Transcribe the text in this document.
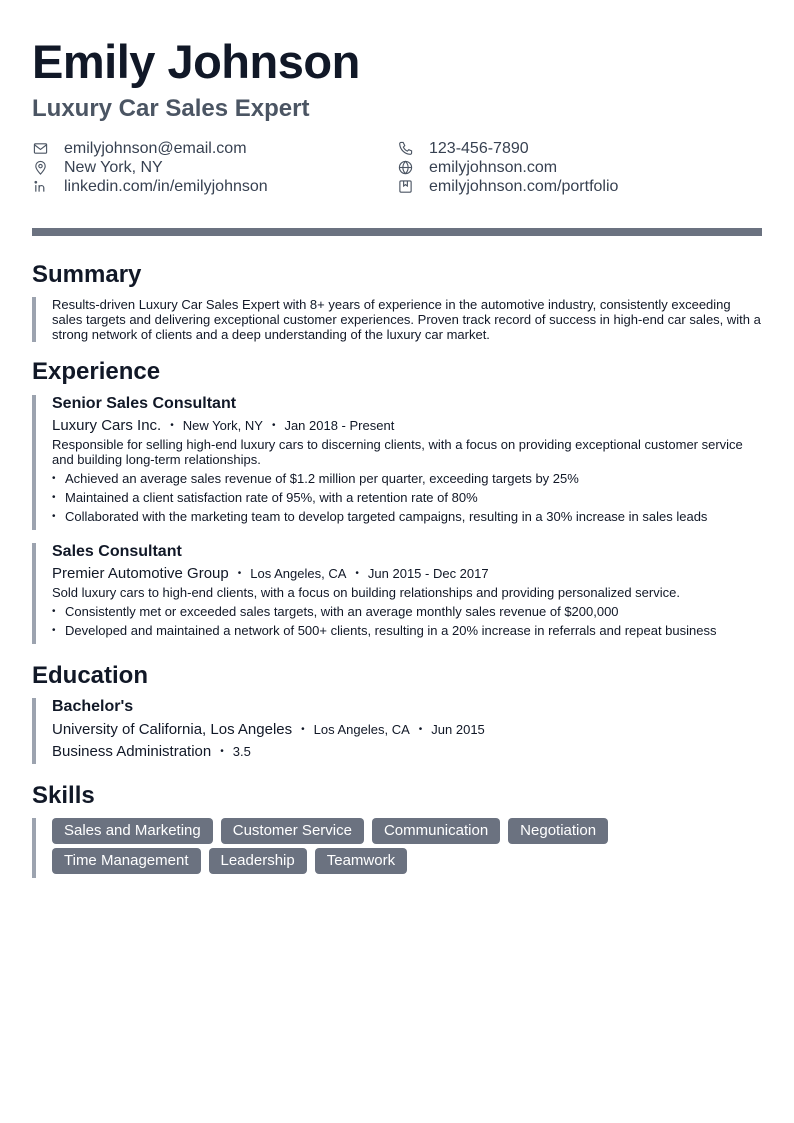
Emily Johnson
Luxury Car Sales Expert
emilyjohnson@email.com
New York, NY
linkedin.com/in/emilyjohnson
123-456-7890
emilyjohnson.com
emilyjohnson.com/portfolio
Summary

Results-driven Luxury Car Sales Expert with 8+ years of experience in the automotive industry, consistently exceeding sales targets and delivering exceptional customer experiences. Proven track record of success in high-end car sales, with a strong network of clients and a deep understanding of the luxury car market.

Experience

Senior Sales Consultant

Luxury Cars Inc. • New York, NY • Jan 2018 - Present

Responsible for selling high-end luxury cars to discerning clients, with a focus on providing exceptional customer service and building long-term relationships.

• Achieved an average sales revenue of $1.2 million per quarter, exceeding targets by 25%
• Maintained a client satisfaction rate of 95%, with a retention rate of 80%
• Collaborated with the marketing team to develop targeted campaigns, resulting in a 30% increase in sales leads

Sales Consultant

Premier Automotive Group • Los Angeles, CA • Jun 2015 - Dec 2017

Sold luxury cars to high-end clients, with a focus on building relationships and providing personalized service.

• Consistently met or exceeded sales targets, with an average monthly sales revenue of $200,000
• Developed and maintained a network of 500+ clients, resulting in a 20% increase in referrals and repeat business
Education

Bachelor's

University of California, Los Angeles • Los Angeles, CA • Jun 2015
Business Administration • 3.5
Skills
Sales and Marketing Customer Service Communication Negotiation
Time Management Leadership Teamwork
